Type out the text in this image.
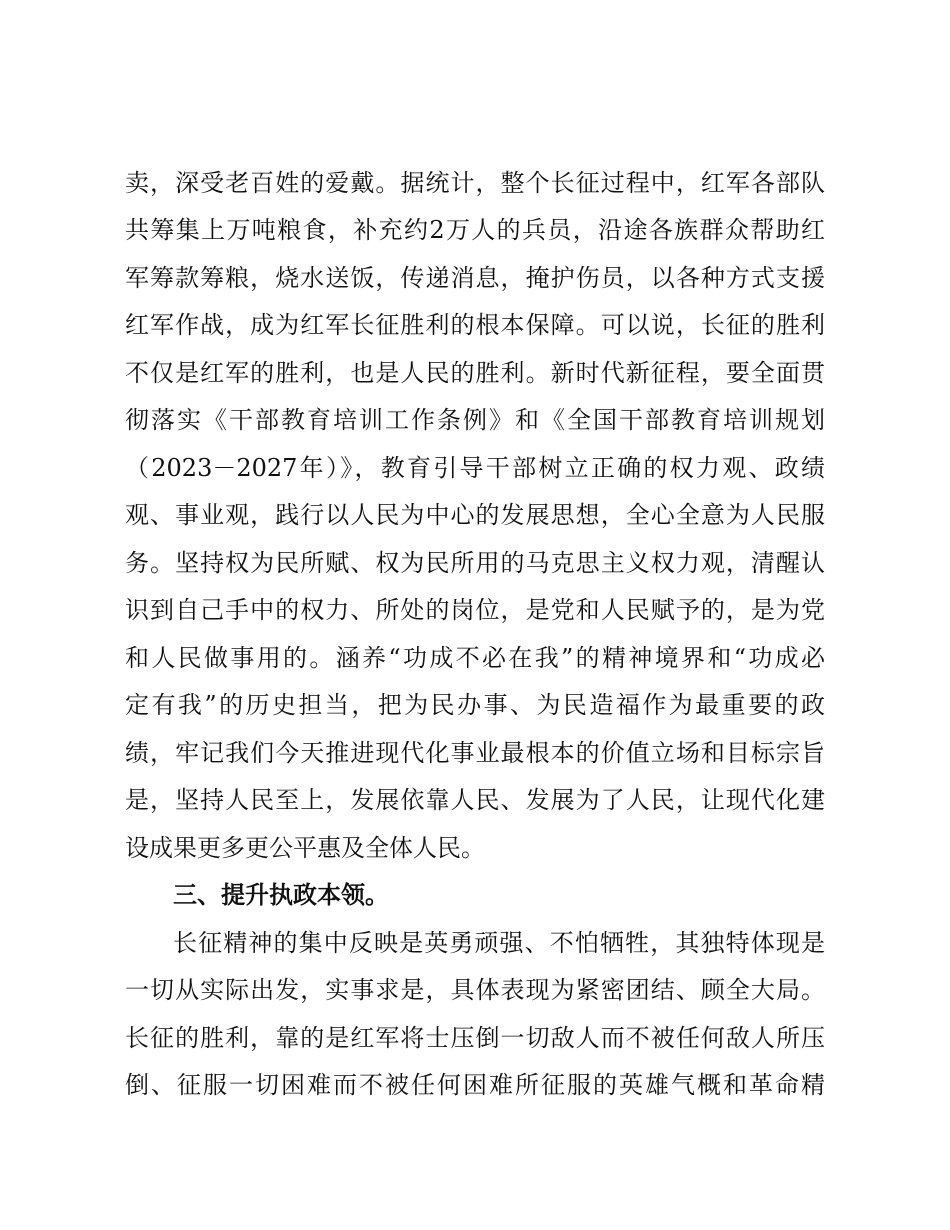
卖，深受老百姓的爱戴。据统计，整个长征过程中，红军各部队
共筹集上万吨粮食，补充约2万人的兵员，沿途各族群众帮助红
军筹款筹粮，烧水送饭，传递消息，掩护伤员，以各种方式支援
红军作战，成为红军长征胜利的根本保障。可以说，长征的胜利
不仅是红军的胜利，也是人民的胜利。新时代新征程，要全面贯
彻落实《干部教育培训工作条例》和《全国干部教育培训规划
（2023－2027年）》，教育引导干部树立正确的权力观、政绩
观、事业观，践行以人民为中心的发展思想，全心全意为人民服
务。坚持权为民所赋、权为民所用的马克思主义权力观，清醒认
识到自己手中的权力、所处的岗位，是党和人民赋予的，是为党
和人民做事用的。涵养“功成不必在我”的精神境界和“功成必
定有我”的历史担当，把为民办事、为民造福作为最重要的政
绩，牢记我们今天推进现代化事业最根本的价值立场和目标宗旨
是，坚持人民至上，发展依靠人民、发展为了人民，让现代化建
设成果更多更公平惠及全体人民。
三、提升执政本领。
长征精神的集中反映是英勇顽强、不怕牺牲，其独特体现是
一切从实际出发，实事求是，具体表现为紧密团结、顾全大局。
长征的胜利，靠的是红军将士压倒一切敌人而不被任何敌人所压
倒、征服一切困难而不被任何困难所征服的英雄气概和革命精
